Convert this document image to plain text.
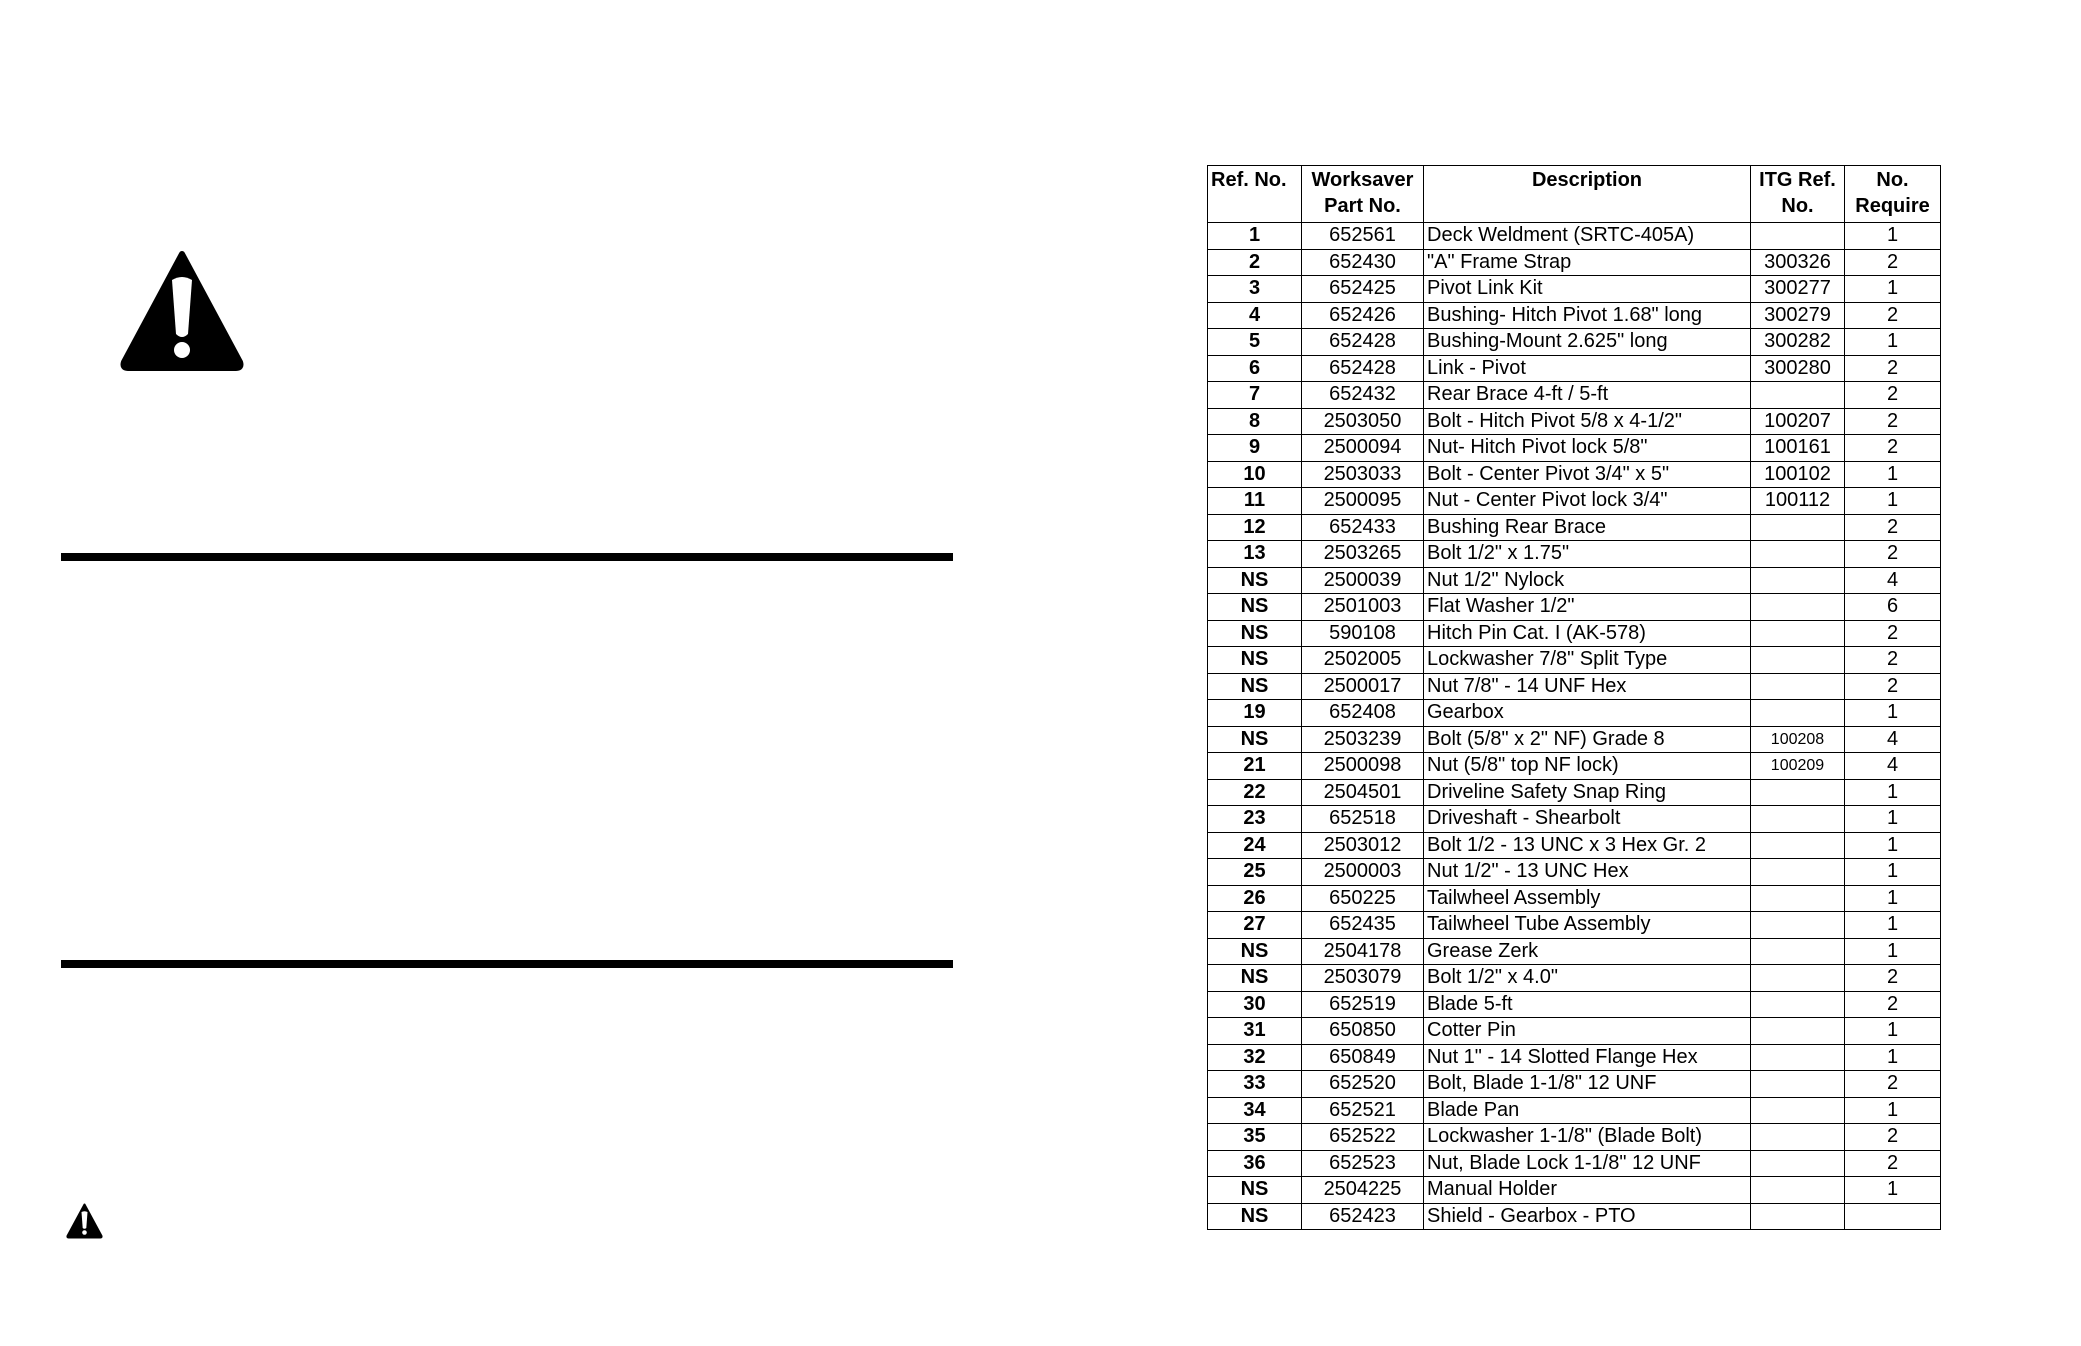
Ref. No.	Worksaver
Part No.	Description	ITG Ref.
No.	No.
Require

1	652561	Deck Weldment (SRTC-405A)		1
2	652430	"A" Frame Strap	300326	2
3	652425	Pivot Link Kit	300277	1
4	652426	Bushing- Hitch Pivot 1.68" long	300279	2
5	652428	Bushing-Mount 2.625" long	300282	1
6	652428	Link - Pivot	300280	2
7	652432	Rear Brace 4-ft / 5-ft		2
8	2503050	Bolt - Hitch Pivot 5/8 x 4-1/2"	100207	2
9	2500094	Nut- Hitch Pivot lock 5/8"	100161	2
10	2503033	Bolt - Center Pivot 3/4" x 5"	100102	1
11	2500095	Nut - Center Pivot lock 3/4"	100112	1
12	652433	Bushing Rear Brace		2
13	2503265	Bolt 1/2" x 1.75"		2
NS	2500039	Nut 1/2" Nylock		4
NS	2501003	Flat Washer 1/2"		6
NS	590108	Hitch Pin Cat. I (AK-578)		2
NS	2502005	Lockwasher 7/8" Split Type		2
NS	2500017	Nut 7/8" - 14 UNF Hex		2
19	652408	Gearbox		1
NS	2503239	Bolt (5/8" x 2" NF) Grade 8	100208	4
21	2500098	Nut (5/8" top NF lock)	100209	4
22	2504501	Driveline Safety Snap Ring		1
23	652518	Driveshaft - Shearbolt		1
24	2503012	Bolt 1/2 - 13 UNC x 3 Hex Gr. 2		1
25	2500003	Nut 1/2" - 13 UNC Hex		1
26	650225	Tailwheel Assembly		1
27	652435	Tailwheel Tube Assembly		1
NS	2504178	Grease Zerk		1
NS	2503079	Bolt 1/2" x 4.0"		2
30	652519	Blade 5-ft		2
31	650850	Cotter Pin		1
32	650849	Nut 1" - 14 Slotted Flange Hex		1
33	652520	Bolt, Blade 1-1/8" 12 UNF		2
34	652521	Blade Pan		1
35	652522	Lockwasher 1-1/8" (Blade Bolt)		2
36	652523	Nut, Blade Lock 1-1/8" 12 UNF		2
NS	2504225	Manual Holder		1
NS	652423	Shield - Gearbox - PTO		
